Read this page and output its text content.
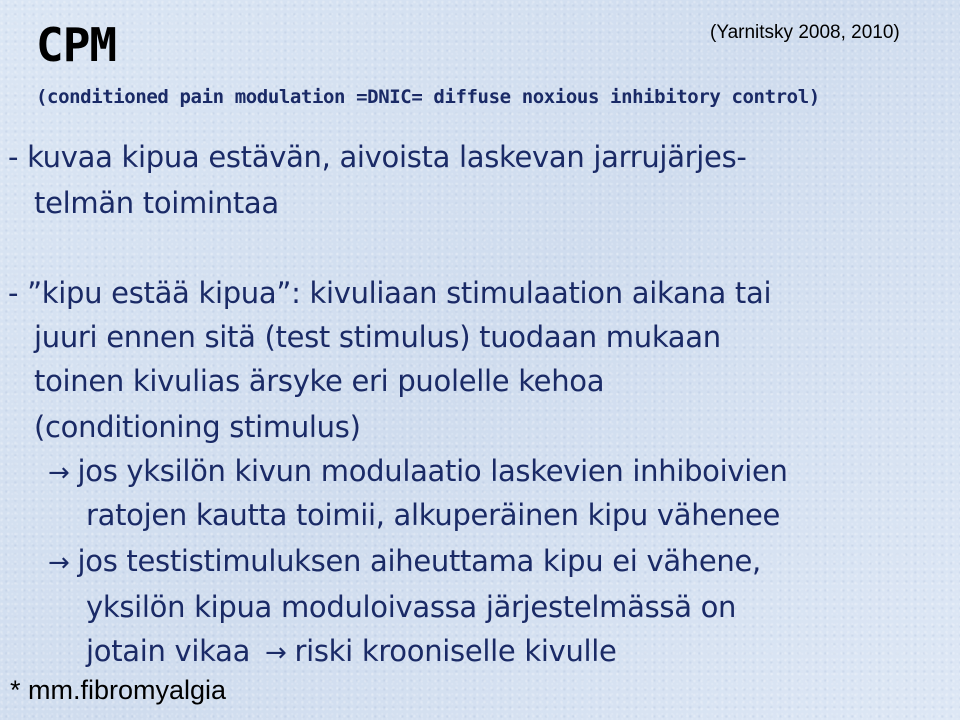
CPM	(Yarnitsky 2008, 2010)
(conditioned pain modulation =DNIC= diffuse noxious inhibitory control)
- kuvaa kipua estävän, aivoista laskevan jarrujärjes-
telmän toimintaa
- ”kipu estää kipua”: kivuliaan stimulaation aikana tai
juuri ennen sitä (test stimulus) tuodaan mukaan
toinen kivulias ärsyke eri puolelle kehoa
(conditioning stimulus)
→ jos yksilön kivun modulaatio laskevien inhiboivien
ratojen kautta toimii, alkuperäinen kipu vähenee
→ jos testistimuluksen aiheuttama kipu ei vähene,
yksilön kipua moduloivassa järjestelmässä on
jotain vikaa → riski krooniselle kivulle
* mm.fibromyalgia
